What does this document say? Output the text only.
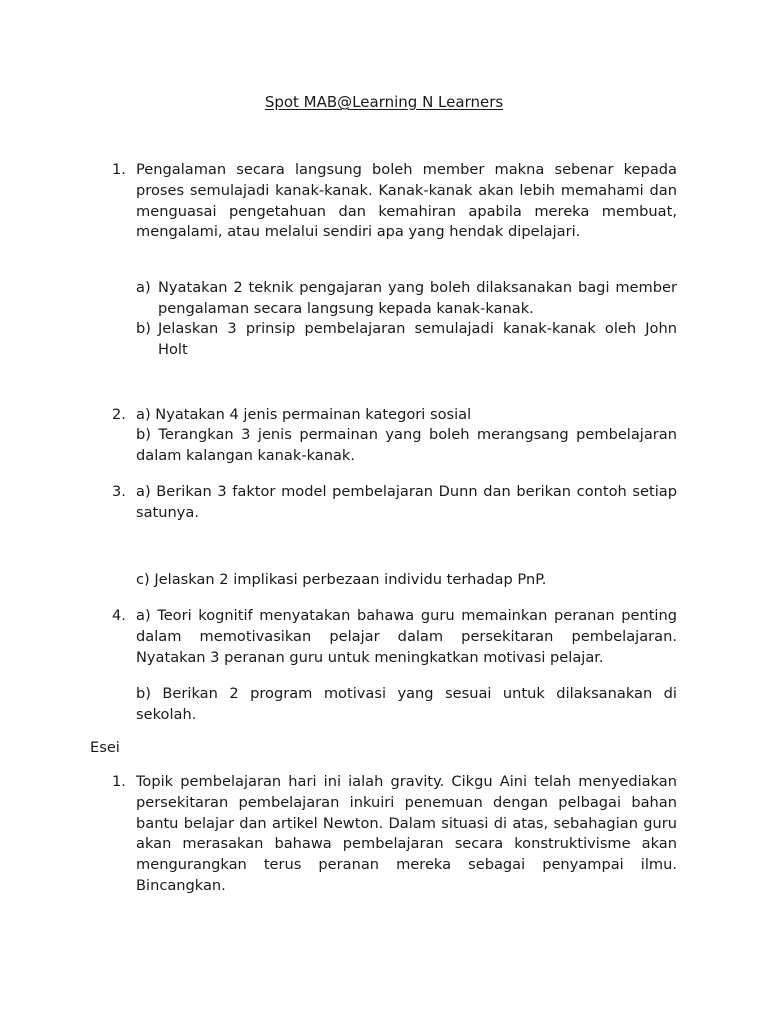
Spot MAB@Learning N Learners
1. Pengalaman secara langsung boleh member makna sebenar kepada proses semulajadi kanak-kanak. Kanak-kanak akan lebih memahami dan menguasai pengetahuan dan kemahiran apabila mereka membuat, mengalami, atau melalui sendiri apa yang hendak dipelajari.
a) Nyatakan 2 teknik pengajaran yang boleh dilaksanakan bagi member pengalaman secara langsung kepada kanak-kanak.
b) Jelaskan 3 prinsip pembelajaran semulajadi kanak-kanak oleh John Holt
2. a) Nyatakan 4 jenis permainan kategori sosial
b) Terangkan 3 jenis permainan yang boleh merangsang pembelajaran dalam kalangan kanak-kanak.
3. a) Berikan 3 faktor model pembelajaran Dunn dan berikan contoh setiap satunya.
c) Jelaskan 2 implikasi perbezaan individu terhadap PnP.
4. a) Teori kognitif menyatakan bahawa guru memainkan peranan penting dalam memotivasikan pelajar dalam persekitaran pembelajaran. Nyatakan 3 peranan guru untuk meningkatkan motivasi pelajar.
b) Berikan 2 program motivasi yang sesuai untuk dilaksanakan di sekolah.
Esei
1. Topik pembelajaran hari ini ialah gravity. Cikgu Aini telah menyediakan persekitaran pembelajaran inkuiri penemuan dengan pelbagai bahan bantu belajar dan artikel Newton. Dalam situasi di atas, sebahagian guru akan merasakan bahawa pembelajaran secara konstruktivisme akan mengurangkan terus peranan mereka sebagai penyampai ilmu. Bincangkan.
